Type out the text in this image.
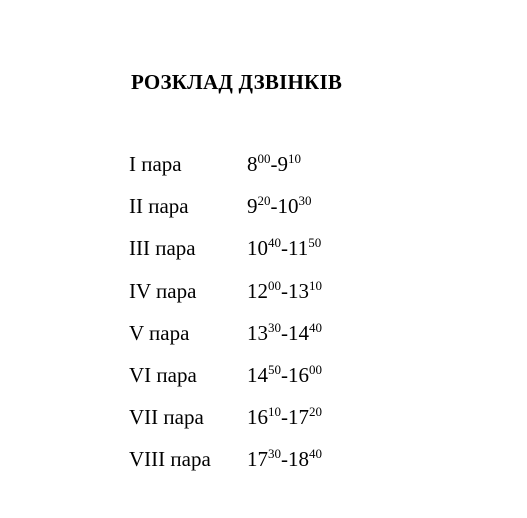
РОЗКЛАД ДЗВІНКІВ
I пара	$8^{00}-9^{10}$
II пара	$9^{20}-10^{30}$
III пара $10^{40}-11^{50}$
IV пара $12^{00}-13^{10}$
V пара	$13^{30}-14^{40}$
VI пара $14^{50}-16^{00}$
VII пара $16^{10}-17^{20}$
VIII пара $17^{30}-18^{40}$
